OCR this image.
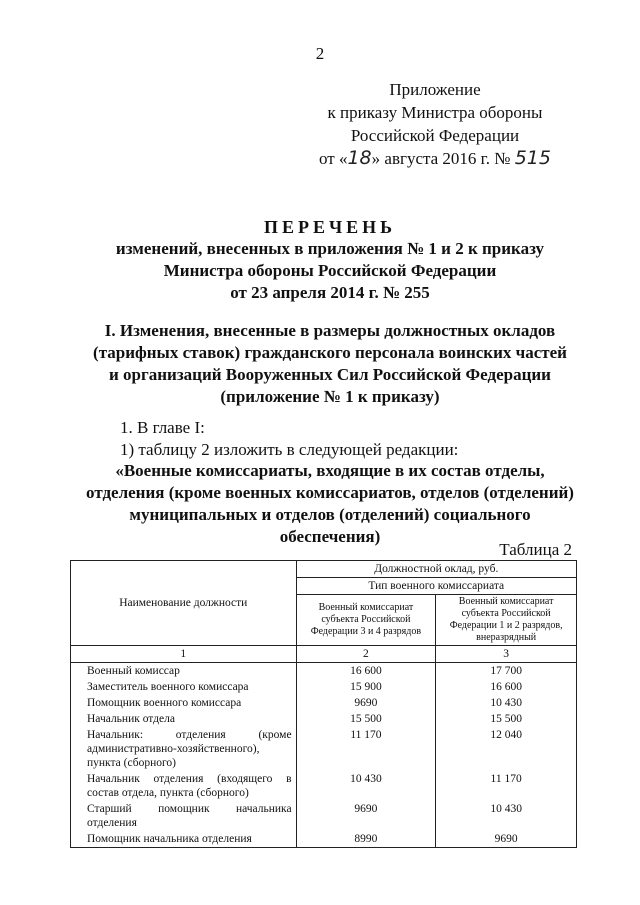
2
Приложение
к приказу Министра обороны
Российской Федерации
от «18» августа 2016 г. № 515
ПЕРЕЧЕНЬ
изменений, внесенных в приложения № 1 и 2 к приказу
Министра обороны Российской Федерации
от 23 апреля 2014 г. № 255
I. Изменения, внесенные в размеры должностных окладов
(тарифных ставок) гражданского персонала воинских частей
и организаций Вооруженных Сил Российской Федерации
(приложение № 1 к приказу)
1. В главе I:
1) таблицу 2 изложить в следующей редакции:
«Военные комиссариаты, входящие в их состав отделы,
отделения (кроме военных комиссариатов, отделов (отделений)
муниципальных и отделов (отделений) социального
обеспечения)
Таблица 2
Наименование должности	Должностной оклад, руб.	
	Тип военного комиссариата	
	Военный комиссариат субъекта Российской Федерации 3 и 4 разрядов	Военный комиссариат субъекта Российской Федерации 1 и 2 разрядов, внеразрядный
1	2	3
Военный комиссар	16 600	17 700
Заместитель военного комиссара	15 900	16 600
Помощник военного комиссара	9690	10 430
Начальник отдела	15 500	15 500
Начальник: отделения (кроме административно-хозяйственного), пункта (сборного)	11 170	12 040
Начальник отделения (входящего в состав отдела, пункта (сборного)	10 430	11 170
Старший помощник начальника отделения	9690	10 430
Помощник начальника отделения	8990	9690
